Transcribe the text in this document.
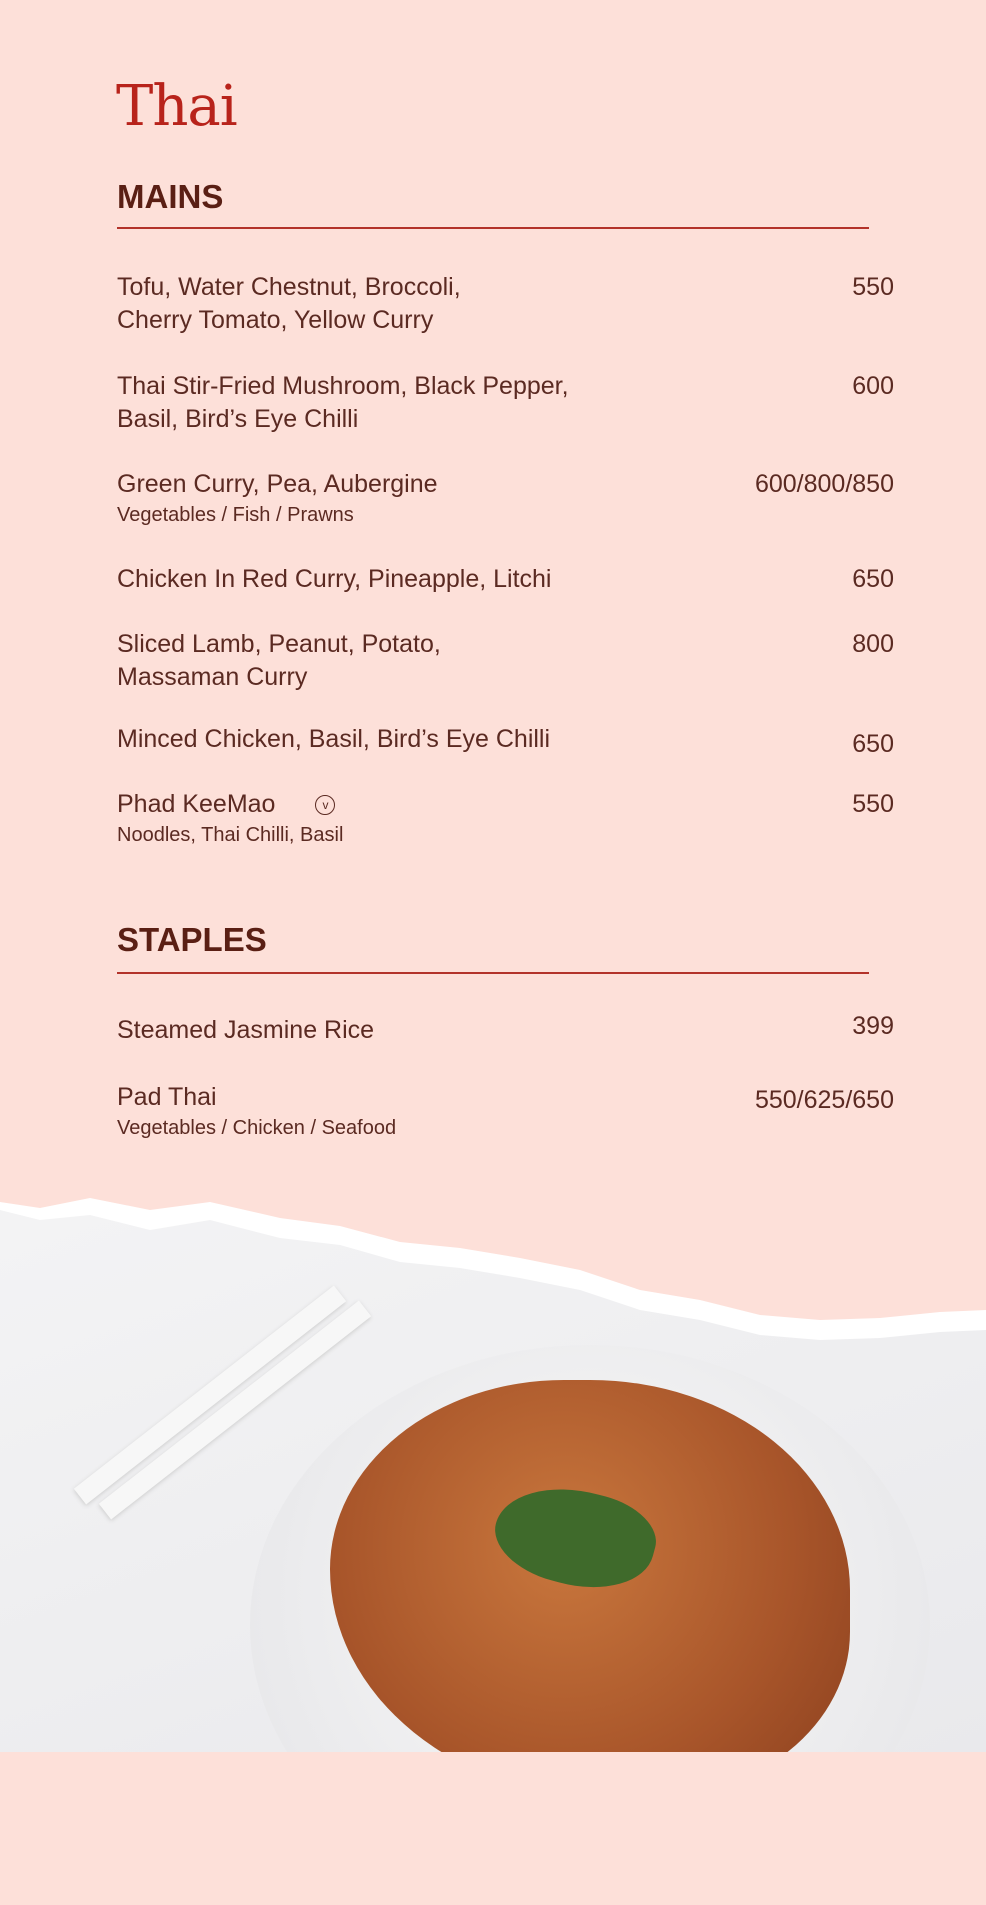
Thai
MAINS
Tofu, Water Chestnut, Broccoli,
Cherry Tomato, Yellow Curry
550
Thai Stir-Fried Mushroom, Black Pepper,
Basil, Bird’s Eye Chilli
600
Green Curry, Pea, Aubergine
Vegetables / Fish / Prawns
600/800/850
Chicken In Red Curry, Pineapple, Litchi	650
Sliced Lamb, Peanut, Potato,
Massaman Curry
800
Minced Chicken, Basil, Bird’s Eye Chilli	650
Phad KeeMao	v
Noodles, Thai Chilli, Basil
550
STAPLES
Steamed Jasmine Rice	399
Pad Thai
Vegetables / Chicken / Seafood
550/625/650
